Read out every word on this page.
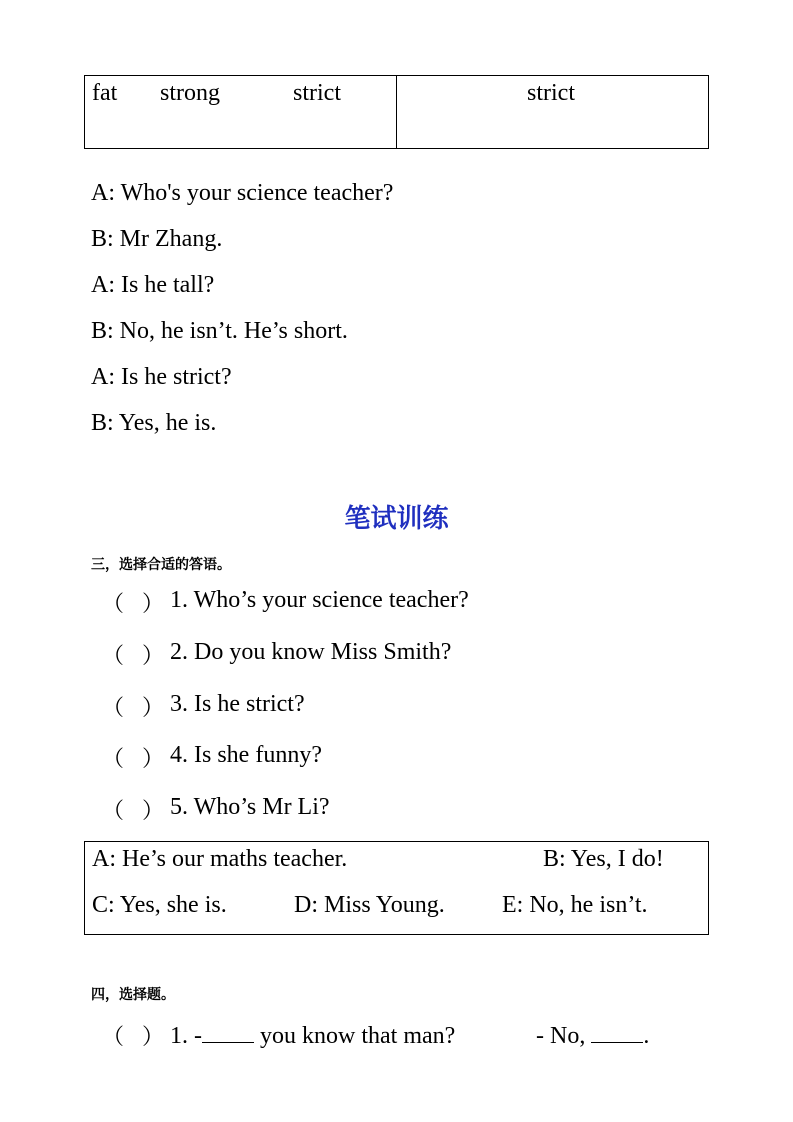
fat strong	strict	strict
A: Who's your science teacher?
B: Mr Zhang.
A: Is he tall?
B: No, he isn’t. He’s short.
A: Is he strict?
B: Yes, he is.
笔试训练
三，选择合适的答语。
（ ） 1. Who’s your science teacher?
（ ） 2. Do you know Miss Smith?
（ ） 3. Is he strict?
（ ） 4. Is she funny?
（ ） 5. Who’s Mr Li?
A: He’s our maths teacher.	B: Yes, I do!
C: Yes, she is.	D: Miss Young. E: No, he isn’t.
四，选择题。
（ ） 1. - you know that man?	- No, .
